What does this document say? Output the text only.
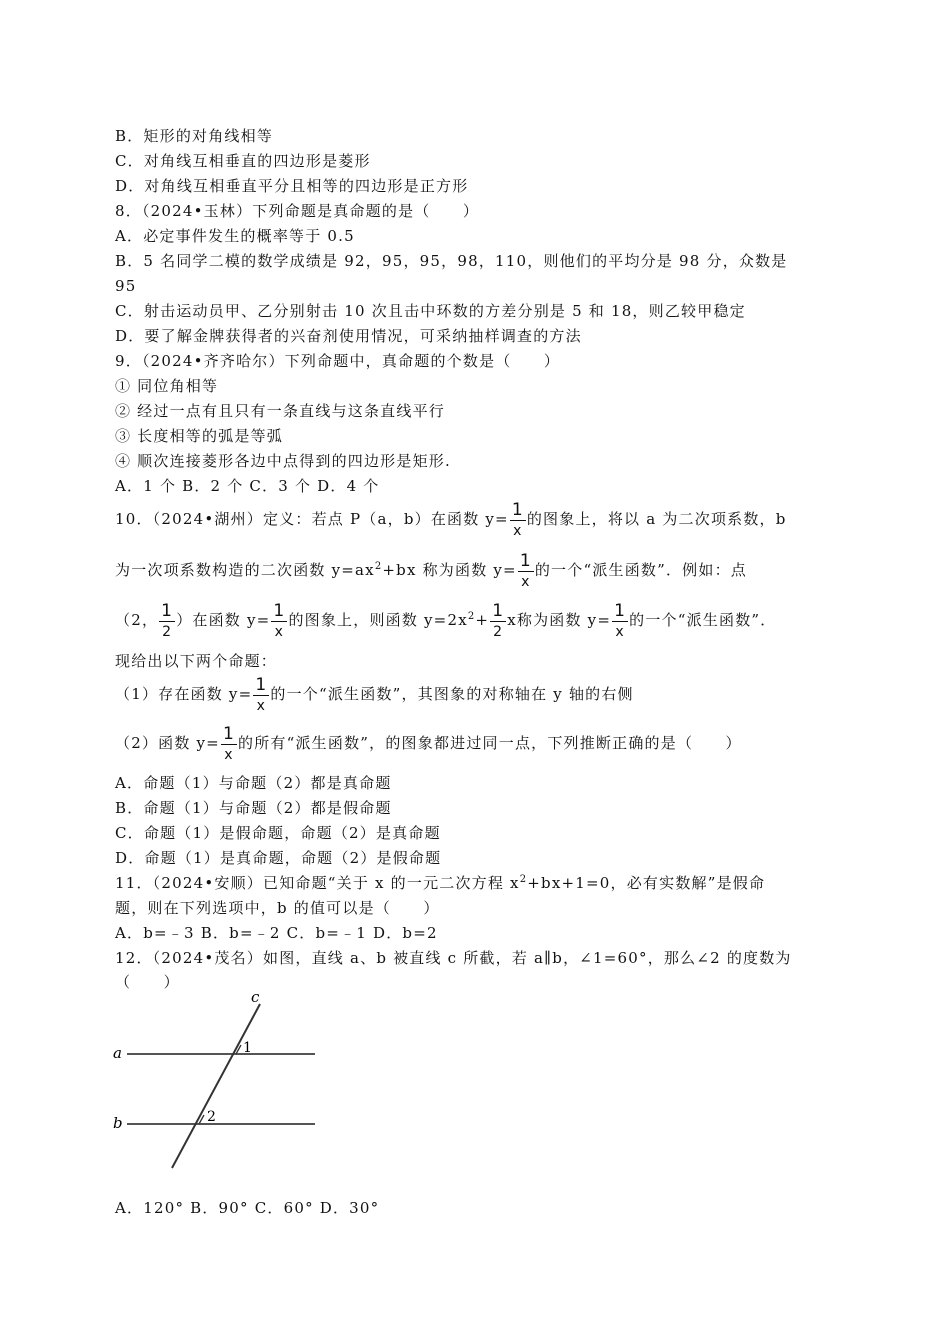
B．矩形的对角线相等
C．对角线互相垂直的四边形是菱形
D．对角线互相垂直平分且相等的四边形是正方形
8．（2024•玉林）下列命题是真命题的是（　　）
A．必定事件发生的概率等于 0.5
B．5 名同学二模的数学成绩是 92，95，95，98，110，则他们的平均分是 98 分，众数是
95
C．射击运动员甲、乙分别射击 10 次且击中环数的方差分别是 5 和 18，则乙较甲稳定
D．要了解金牌获得者的兴奋剂使用情况，可采纳抽样调查的方法
9．（2024•齐齐哈尔）下列命题中，真命题的个数是（　　）
① 同位角相等
② 经过一点有且只有一条直线与这条直线平行
③ 长度相等的弧是等弧
④ 顺次连接菱形各边中点得到的四边形是矩形.
A．1 个 B．2 个 C．3 个 D．4 个
10．（2024•湖州）定义：若点 P（a，b）在函数 $y= \frac{1}{x}$ 的图象上，将以 a 为二次项系数，b
为一次项系数构造的二次函数 $y=ax^2+bx$ 称为函数 $y= \frac{1}{x}$ 的一个“派生函数”．例如：点
（2， $\frac{1}{2}$ ）在函数 $y= \frac{1}{x}$ 的图象上，则函数 $y=2x^2+ \frac{1}{2}$ x称为函数 $y= \frac{1}{x}$ 的一个“派生函数”．
现给出以下两个命题：
（1）存在函数 $y= \frac{1}{x}$ 的一个“派生函数”，其图象的对称轴在 y 轴的右侧
（2）函数 $y= \frac{1}{x}$ 的所有“派生函数”，的图象都进过同一点，下列推断正确的是（　　）
A．命题（1）与命题（2）都是真命题
B．命题（1）与命题（2）都是假命题
C．命题（1）是假命题，命题（2）是真命题
D．命题（1）是真命题，命题（2）是假命题
11．（2024•安顺）已知命题“关于 x 的一元二次方程 $x^2+bx+1=0$，必有实数解”是假命
题，则在下列选项中，b 的值可以是（　　）
A．b=﹣3 B．b=﹣2 C．b=﹣1 D．b=2
12．（2024•茂名）如图，直线 a、b 被直线 c 所截，若 a∥b，∠1=60°，那么∠2 的度数为
（　　）
c
a
b
1
2
A．120° B．90° C．60° D．30°
